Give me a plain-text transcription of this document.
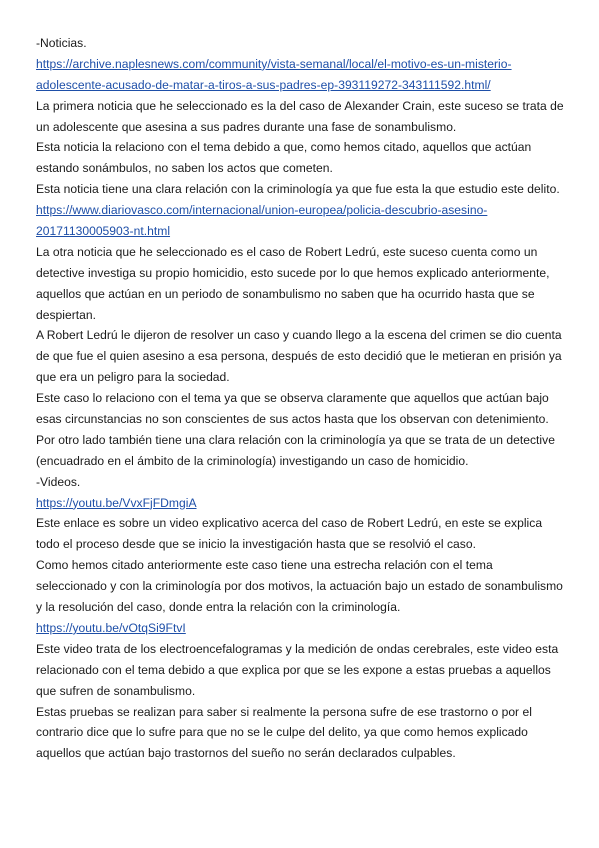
-Noticias.
https://archive.naplesnews.com/community/vista-semanal/local/el-motivo-es-un-misterio-
adolescente-acusado-de-matar-a-tiros-a-sus-padres-ep-393119272-343111592.html/
La primera noticia que he seleccionado es la del caso de Alexander Crain, este suceso se trata de
un adolescente que asesina a sus padres durante una fase de sonambulismo.
Esta noticia la relaciono con el tema debido a que, como hemos citado, aquellos que actúan
estando sonámbulos, no saben los actos que cometen.
Esta noticia tiene una clara relación con la criminología ya que fue esta la que estudio este delito.
https://www.diariovasco.com/internacional/union-europea/policia-descubrio-asesino-
20171130005903-nt.html
La otra noticia que he seleccionado es el caso de Robert Ledrú, este suceso cuenta como un
detective investiga su propio homicidio, esto sucede por lo que hemos explicado anteriormente,
aquellos que actúan en un periodo de sonambulismo no saben que ha ocurrido hasta que se
despiertan.
A Robert Ledrú le dijeron de resolver un caso y cuando llego a la escena del crimen se dio cuenta
de que fue el quien asesino a esa persona, después de esto decidió que le metieran en prisión ya
que era un peligro para la sociedad.
Este caso lo relaciono con el tema ya que se observa claramente que aquellos que actúan bajo
esas circunstancias no son conscientes de sus actos hasta que los observan con detenimiento.
Por otro lado también tiene una clara relación con la criminología ya que se trata de un detective
(encuadrado en el ámbito de la criminología) investigando un caso de homicidio.
-Videos.
https://youtu.be/VvxFjFDmgiA
Este enlace es sobre un video explicativo acerca del caso de Robert Ledrú, en este se explica
todo el proceso desde que se inicio la investigación hasta que se resolvió el caso.
Como hemos citado anteriormente este caso tiene una estrecha relación con el tema
seleccionado y con la criminología por dos motivos, la actuación bajo un estado de sonambulismo
y la resolución del caso, donde entra la relación con la criminología.
https://youtu.be/vOtqSi9FtvI
Este video trata de los electroencefalogramas y la medición de ondas cerebrales, este video esta
relacionado con el tema debido a que explica por que se les expone a estas pruebas a aquellos
que sufren de sonambulismo.
Estas pruebas se realizan para saber si realmente la persona sufre de ese trastorno o por el
contrario dice que lo sufre para que no se le culpe del delito, ya que como hemos explicado
aquellos que actúan bajo trastornos del sueño no serán declarados culpables.
